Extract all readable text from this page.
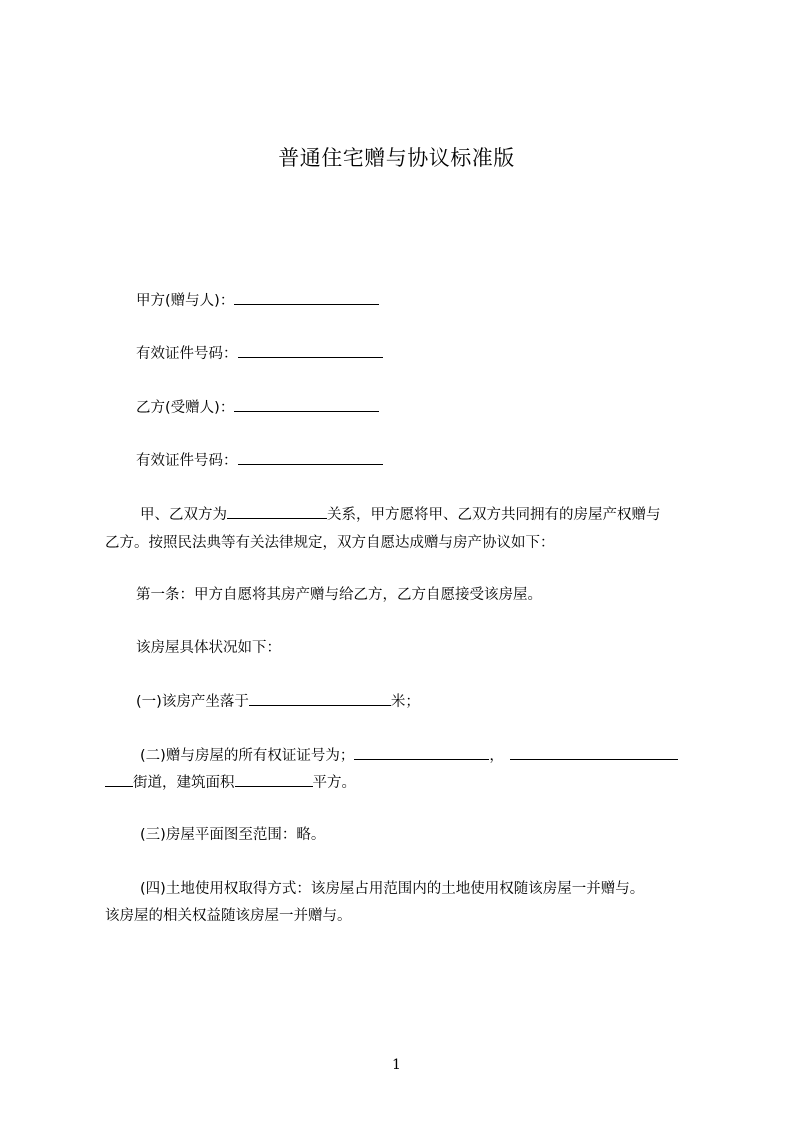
普通住宅赠与协议标准版
甲方(赠与人)：
有效证件号码：
乙方(受赠人)：
有效证件号码：
甲、乙双方为	关系，甲方愿将甲、乙双方共同拥有的房屋产权赠与
乙方。按照民法典等有关法律规定，双方自愿达成赠与房产协议如下：
第一条：甲方自愿将其房产赠与给乙方，乙方自愿接受该房屋。
该房屋具体状况如下：
(一)该房产坐落于	米；
(二)赠与房屋的所有权证证号为；	，
街道，建筑面积	平方。
(三)房屋平面图至范围：略。
(四)土地使用权取得方式：该房屋占用范围内的土地使用权随该房屋一并赠与。
该房屋的相关权益随该房屋一并赠与。
1
